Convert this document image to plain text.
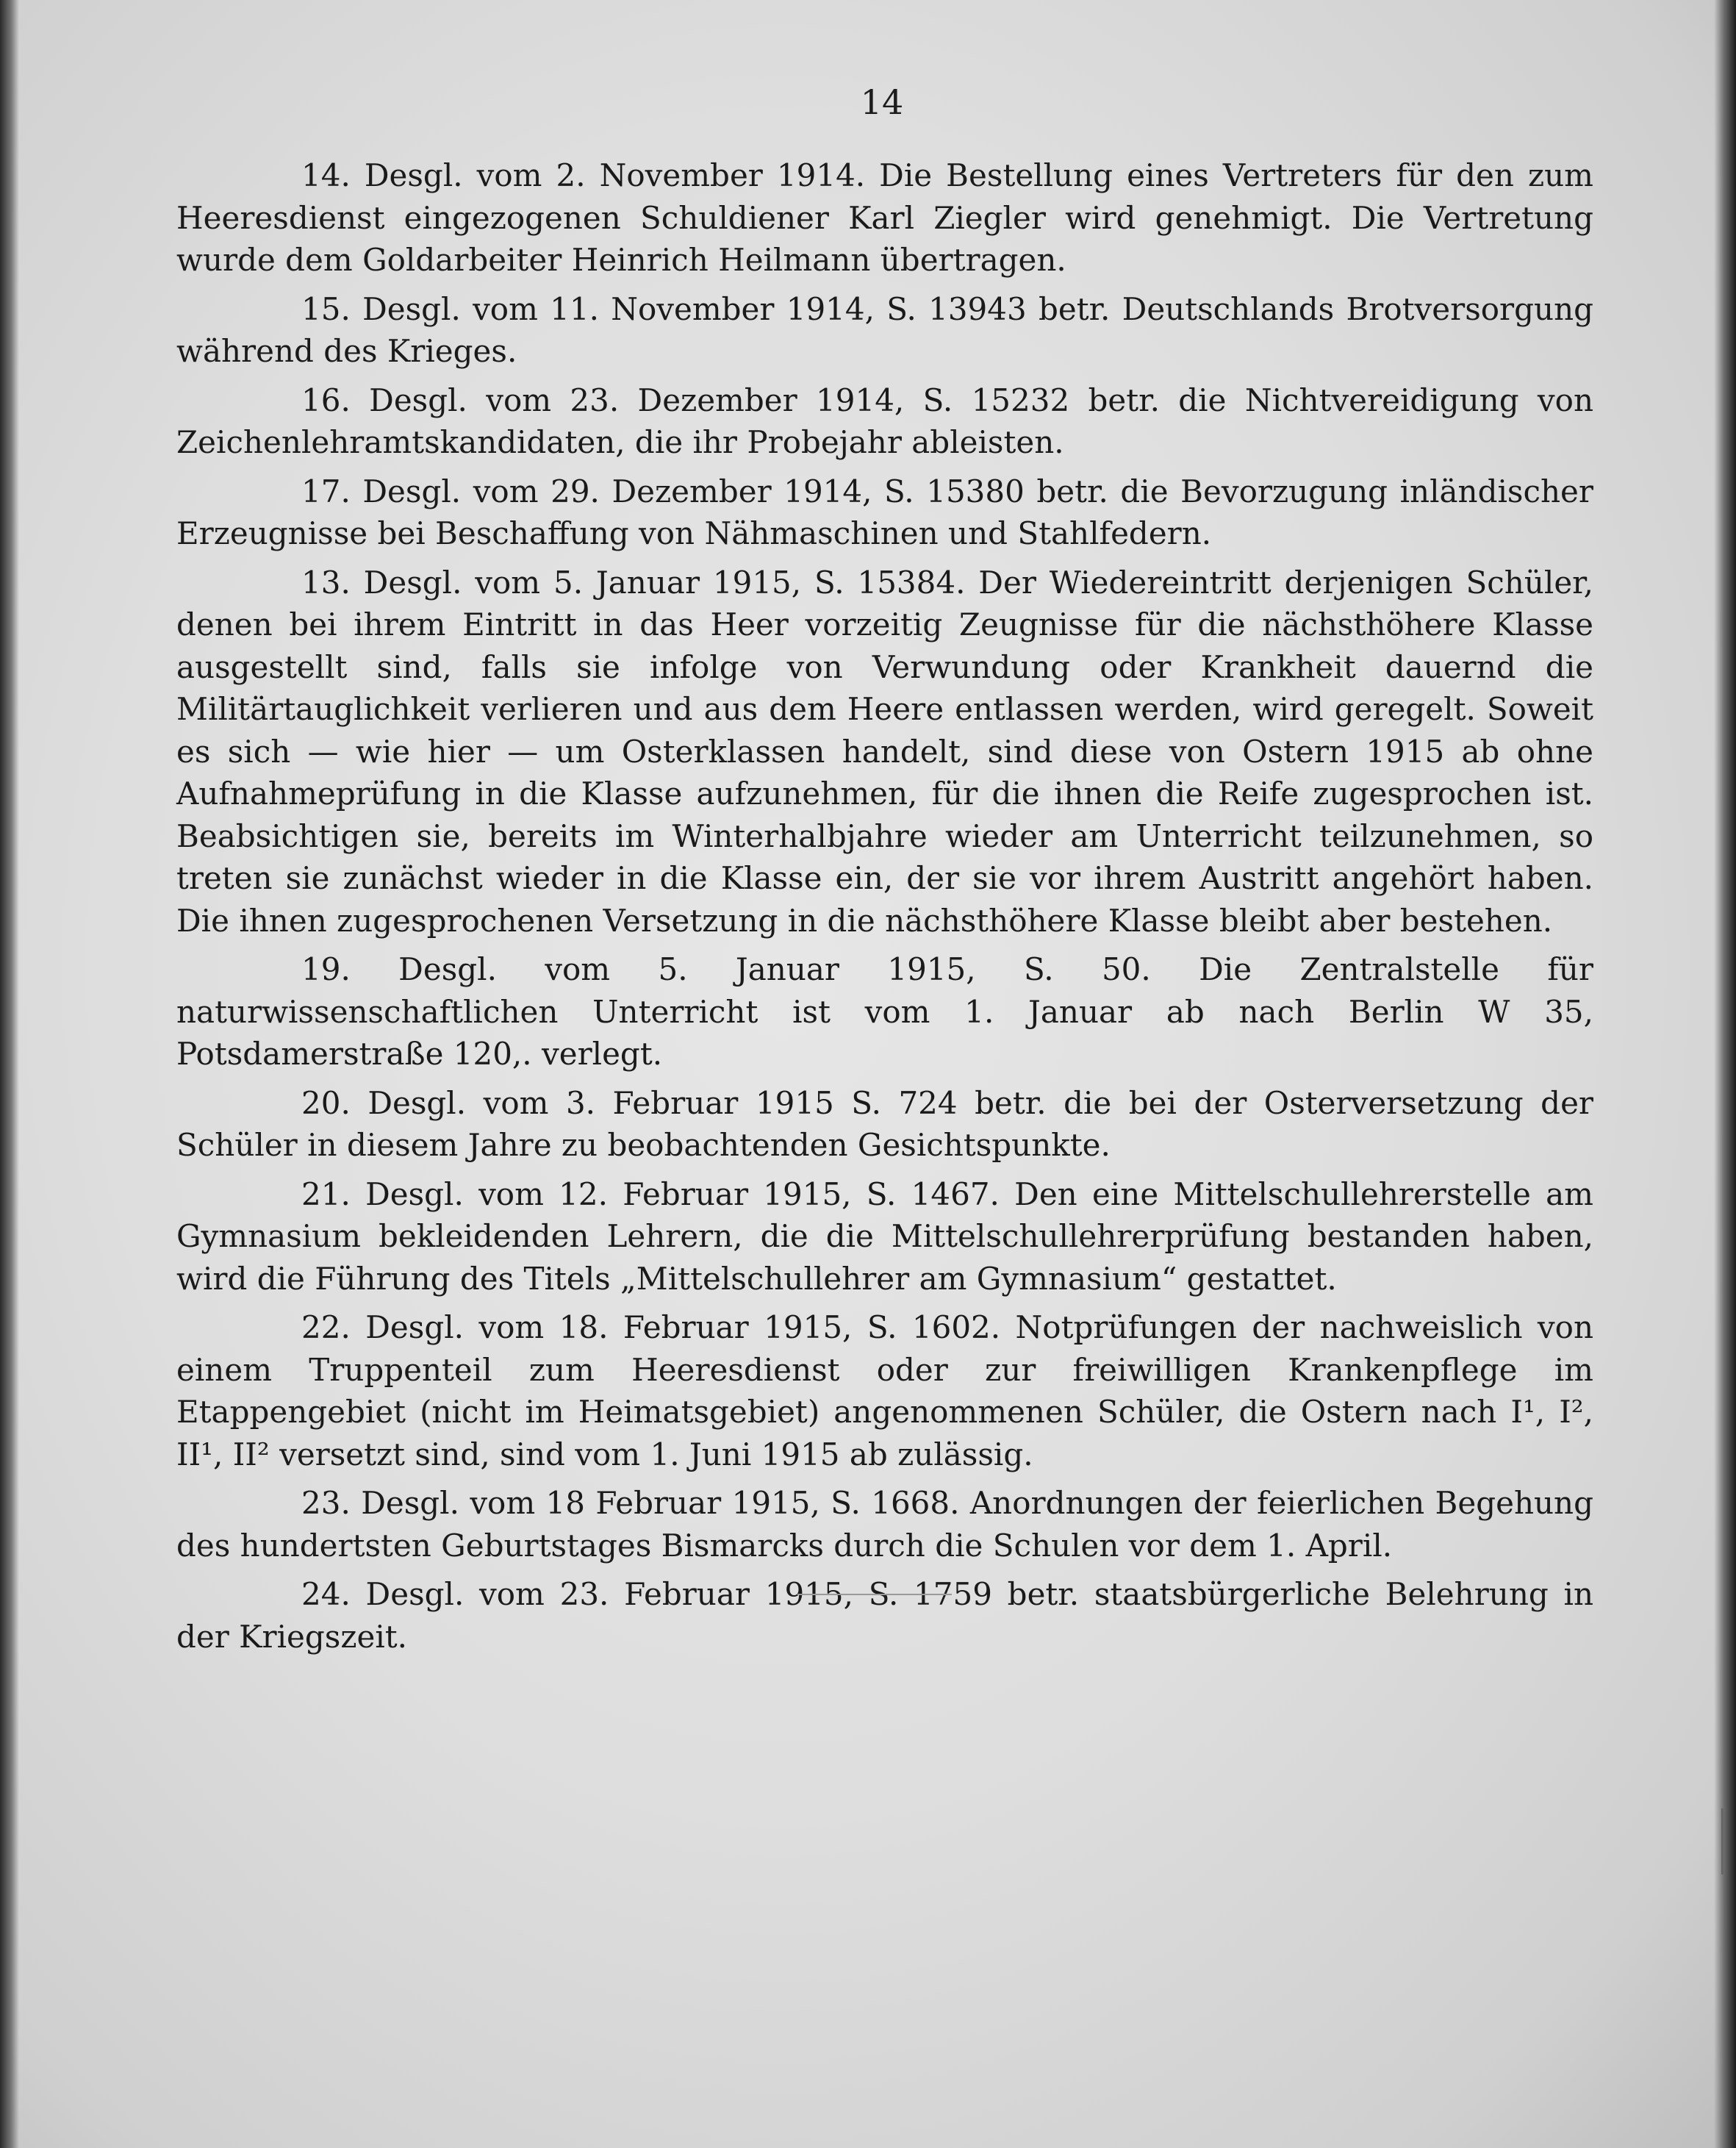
14

14. Desgl. vom 2. November 1914. Die Bestellung eines Vertreters für den zum Heeresdienst eingezogenen Schuldiener Karl Ziegler wird genehmigt. Die Vertretung wurde dem Goldarbeiter Heinrich Heilmann übertragen.

15. Desgl. vom 11. November 1914, S. 13943 betr. Deutschlands Brotversorgung während des Krieges.

16. Desgl. vom 23. Dezember 1914, S. 15232 betr. die Nichtvereidigung von Zeichenlehramtskandidaten, die ihr Probejahr ableisten.

17. Desgl. vom 29. Dezember 1914, S. 15380 betr. die Bevorzugung inländischer Erzeugnisse bei Beschaffung von Nähmaschinen und Stahlfedern.

13. Desgl. vom 5. Januar 1915, S. 15384. Der Wiedereintritt derjenigen Schüler, denen bei ihrem Eintritt in das Heer vorzeitig Zeugnisse für die nächsthöhere Klasse ausgestellt sind, falls sie infolge von Verwundung oder Krankheit dauernd die Militärtauglichkeit verlieren und aus dem Heere entlassen werden, wird geregelt. Soweit es sich — wie hier — um Osterklassen handelt, sind diese von Ostern 1915 ab ohne Aufnahmeprüfung in die Klasse aufzunehmen, für die ihnen die Reife zugesprochen ist. Beabsichtigen sie, bereits im Winterhalbjahre wieder am Unterricht teilzunehmen, so treten sie zunächst wieder in die Klasse ein, der sie vor ihrem Austritt angehört haben. Die ihnen zugesprochenen Versetzung in die nächsthöhere Klasse bleibt aber bestehen.

19. Desgl. vom 5. Januar 1915, S. 50. Die Zentralstelle für naturwissenschaftlichen Unterricht ist vom 1. Januar ab nach Berlin W 35, Potsdamerstraße 120,. verlegt.

20. Desgl. vom 3. Februar 1915 S. 724 betr. die bei der Osterversetzung der Schüler in diesem Jahre zu beobachtenden Gesichtspunkte.

21. Desgl. vom 12. Februar 1915, S. 1467. Den eine Mittelschullehrerstelle am Gymnasium bekleidenden Lehrern, die die Mittelschullehrerprüfung bestanden haben, wird die Führung des Titels „Mittelschullehrer am Gymnasium“ gestattet.

22. Desgl. vom 18. Februar 1915, S. 1602. Notprüfungen der nachweislich von einem Truppenteil zum Heeresdienst oder zur freiwilligen Krankenpflege im Etappengebiet (nicht im Heimatsgebiet) angenommenen Schüler, die Ostern nach I¹, I², II¹, II² versetzt sind, sind vom 1. Juni 1915 ab zulässig.

23. Desgl. vom 18 Februar 1915, S. 1668. Anordnungen der feierlichen Begehung des hundertsten Geburtstages Bismarcks durch die Schulen vor dem 1. April.

24. Desgl. vom 23. Februar 1915, S. 1759 betr. staatsbürgerliche Belehrung in der Kriegszeit.
